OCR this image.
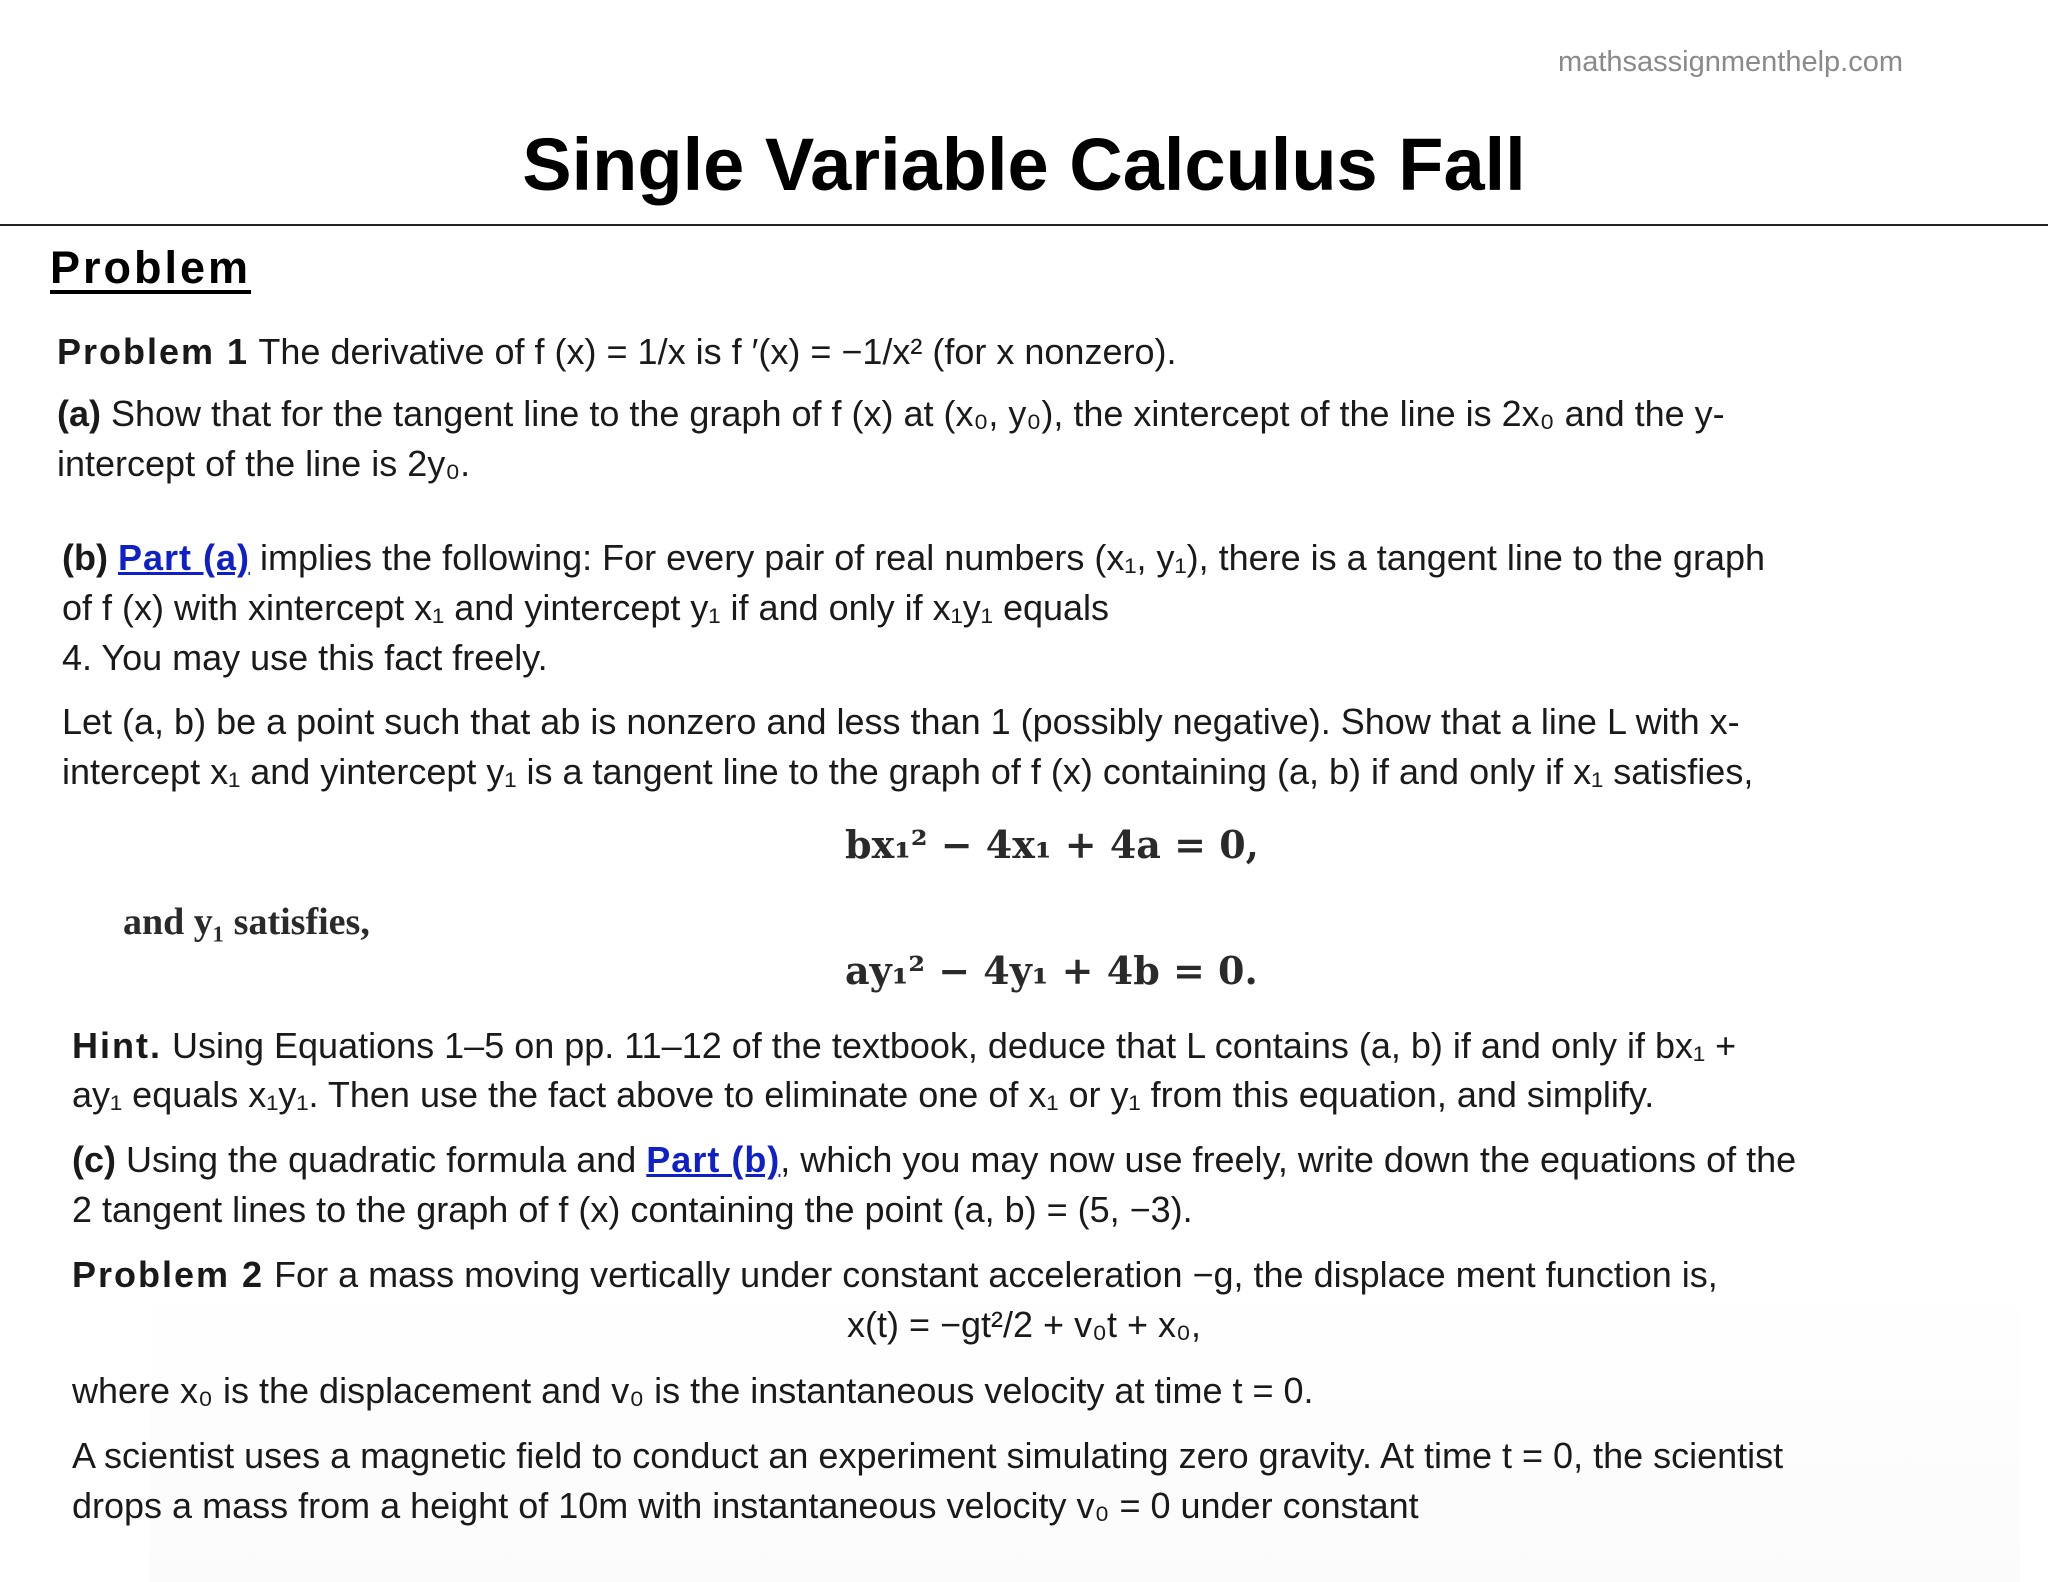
mathsassignmenthelp.com
Single Variable Calculus Fall
Problem
Problem 1 The derivative of f (x) = 1/x is f ′(x) = −1/x² (for x nonzero).
(a) Show that for the tangent line to the graph of f (x) at (x₀, y₀), the xintercept of the line is 2x₀ and the y-
intercept of the line is 2y₀.
(b) Part (a) implies the following: For every pair of real numbers (x₁, y₁), there is a tangent line to the graph
of f (x) with xintercept x₁ and yintercept y₁ if and only if x₁y₁ equals
4. You may use this fact freely.
Let (a, b) be a point such that ab is nonzero and less than 1 (possibly negative). Show that a line L with x-
intercept x₁ and yintercept y₁ is a tangent line to the graph of f (x) containing (a, b) if and only if x₁ satisfies,
bx₁² − 4x₁ + 4a = 0,
and y₁ satisfies,
ay₁² − 4y₁ + 4b = 0.
Hint. Using Equations 1–5 on pp. 11–12 of the textbook, deduce that L contains (a, b) if and only if bx₁ +
ay₁ equals x₁y₁. Then use the fact above to eliminate one of x₁ or y₁ from this equation, and simplify.
(c) Using the quadratic formula and Part (b), which you may now use freely, write down the equations of the
2 tangent lines to the graph of f (x) containing the point (a, b) = (5, −3).
Problem 2 For a mass moving vertically under constant acceleration −g, the displace ment function is,
x(t) = −gt²/2 + v₀t + x₀,
where x₀ is the displacement and v₀ is the instantaneous velocity at time t = 0.
A scientist uses a magnetic field to conduct an experiment simulating zero gravity. At time t = 0, the scientist
drops a mass from a height of 10m with instantaneous velocity v₀ = 0 under constant
